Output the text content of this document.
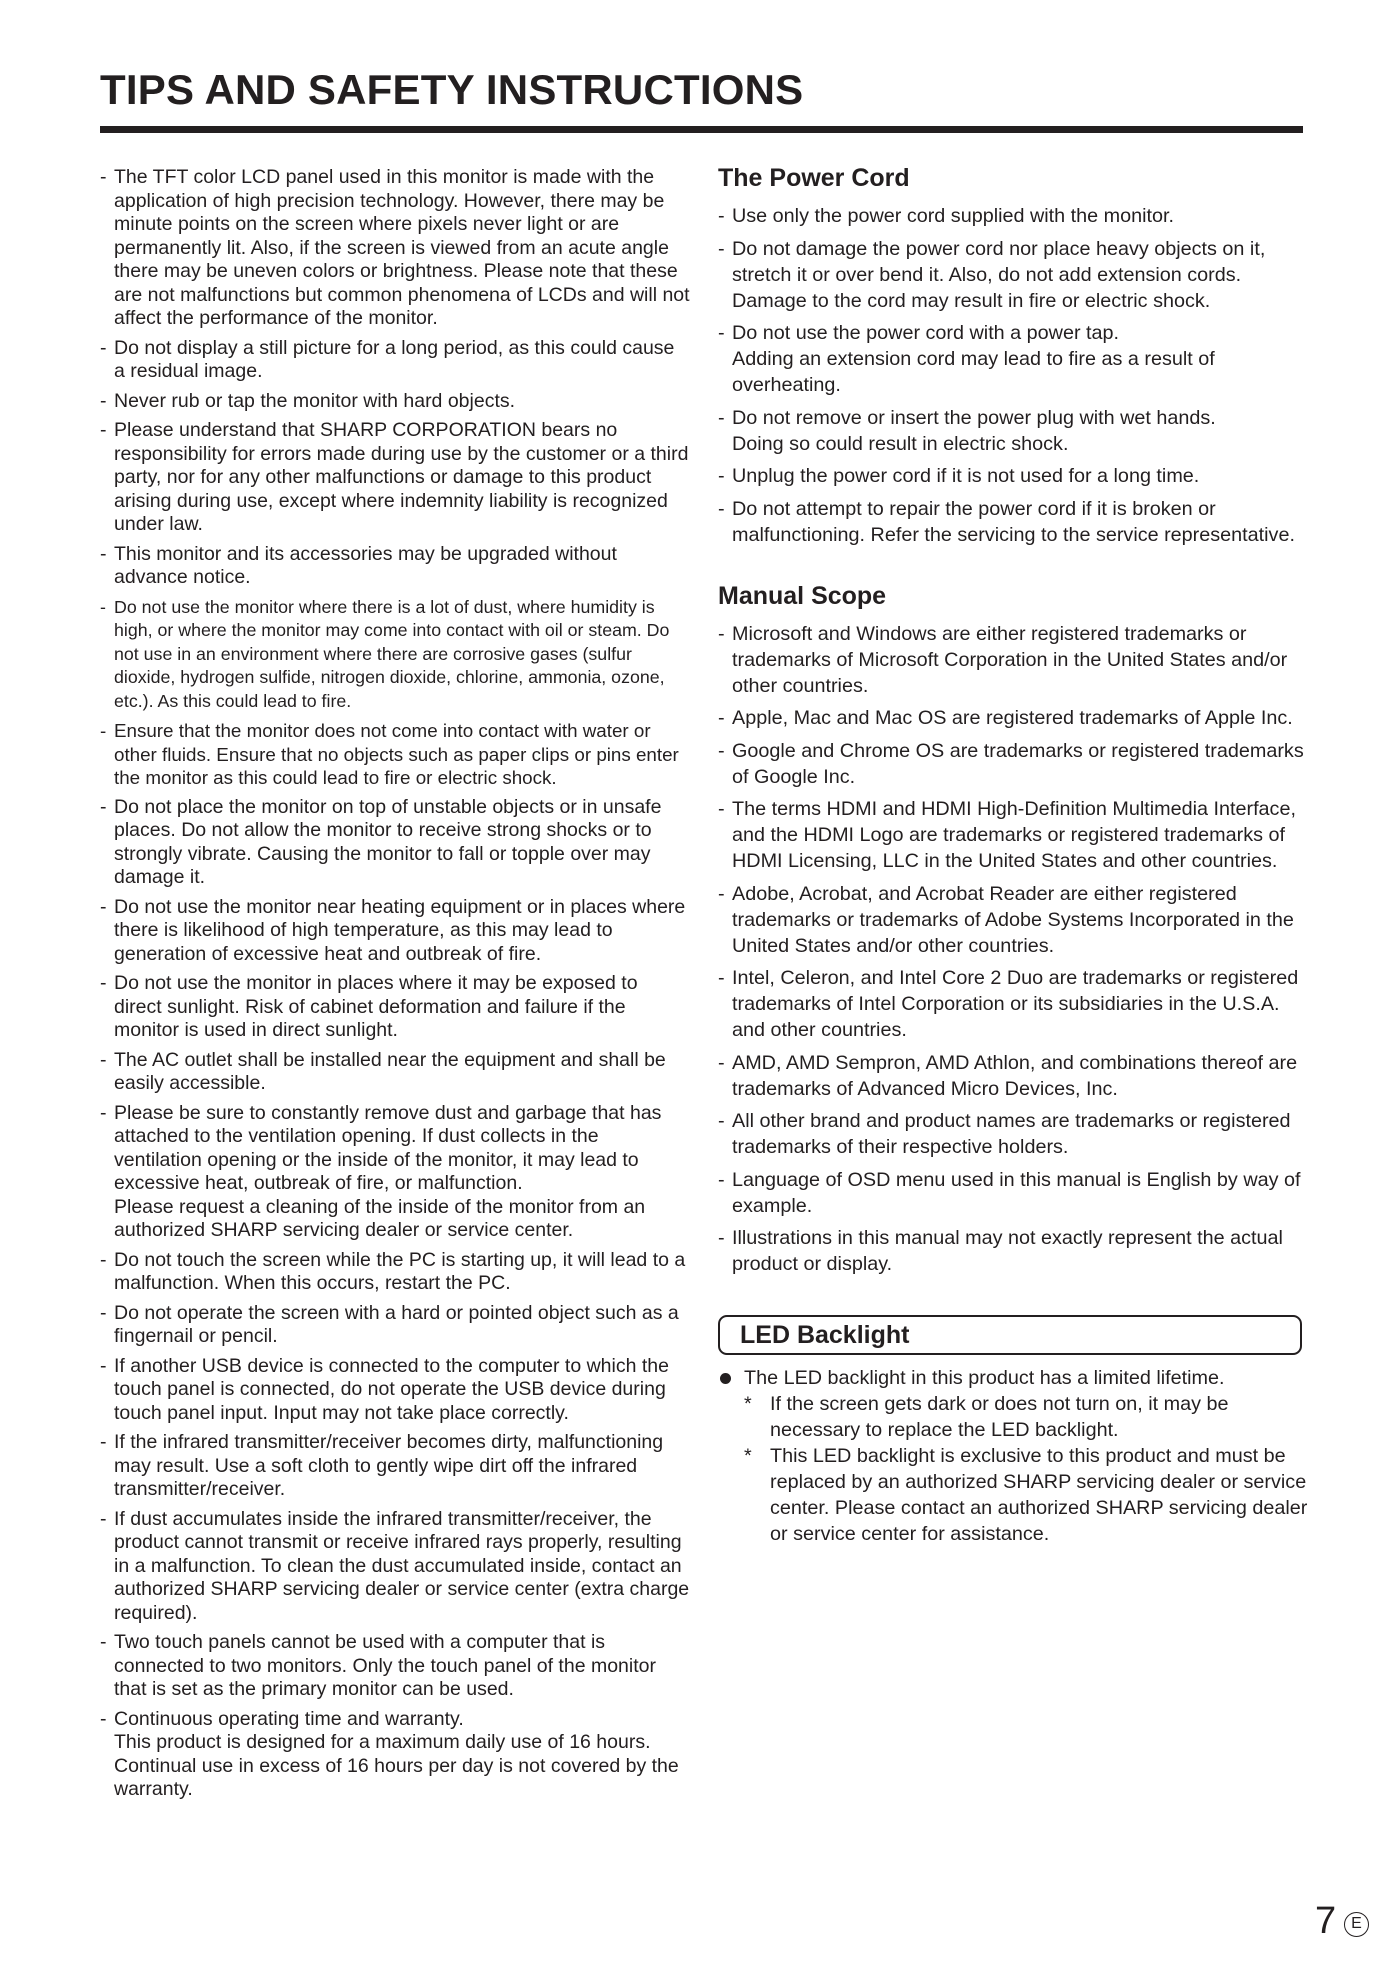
TIPS AND SAFETY INSTRUCTIONS
- The TFT color LCD panel used in this monitor is made with the application of high precision technology. However, there may be minute points on the screen where pixels never light or are permanently lit. Also, if the screen is viewed from an acute angle there may be uneven colors or brightness. Please note that these are not malfunctions but common phenomena of LCDs and will not affect the performance of the monitor.
- Do not display a still picture for a long period, as this could cause a residual image.
- Never rub or tap the monitor with hard objects.
- Please understand that SHARP CORPORATION bears no responsibility for errors made during use by the customer or a third party, nor for any other malfunctions or damage to this product arising during use, except where indemnity liability is recognized under law.
- This monitor and its accessories may be upgraded without advance notice.
- Do not use the monitor where there is a lot of dust, where humidity is high, or where the monitor may come into contact with oil or steam. Do not use in an environment where there are corrosive gases (sulfur dioxide, hydrogen sulfide, nitrogen dioxide, chlorine, ammonia, ozone, etc.). As this could lead to fire.
- Ensure that the monitor does not come into contact with water or other fluids. Ensure that no objects such as paper clips or pins enter the monitor as this could lead to fire or electric shock.
- Do not place the monitor on top of unstable objects or in unsafe places. Do not allow the monitor to receive strong shocks or to strongly vibrate. Causing the monitor to fall or topple over may damage it.
- Do not use the monitor near heating equipment or in places where there is likelihood of high temperature, as this may lead to generation of excessive heat and outbreak of fire.
- Do not use the monitor in places where it may be exposed to direct sunlight. Risk of cabinet deformation and failure if the monitor is used in direct sunlight.
- The AC outlet shall be installed near the equipment and shall be easily accessible.
- Please be sure to constantly remove dust and garbage that has attached to the ventilation opening. If dust collects in the ventilation opening or the inside of the monitor, it may lead to excessive heat, outbreak of fire, or malfunction.
Please request a cleaning of the inside of the monitor from an authorized SHARP servicing dealer or service center.
- Do not touch the screen while the PC is starting up, it will lead to a malfunction. When this occurs, restart the PC.
- Do not operate the screen with a hard or pointed object such as a fingernail or pencil.
- If another USB device is connected to the computer to which the touch panel is connected, do not operate the USB device during touch panel input. Input may not take place correctly.
- If the infrared transmitter/receiver becomes dirty, malfunctioning may result. Use a soft cloth to gently wipe dirt off the infrared transmitter/receiver.
- If dust accumulates inside the infrared transmitter/receiver, the product cannot transmit or receive infrared rays properly, resulting in a malfunction. To clean the dust accumulated inside, contact an authorized SHARP servicing dealer or service center (extra charge required).
- Two touch panels cannot be used with a computer that is connected to two monitors. Only the touch panel of the monitor that is set as the primary monitor can be used.
- Continuous operating time and warranty.
This product is designed for a maximum daily use of 16 hours. Continual use in excess of 16 hours per day is not covered by the warranty.
The Power Cord
- Use only the power cord supplied with the monitor.
- Do not damage the power cord nor place heavy objects on it, stretch it or over bend it. Also, do not add extension cords. Damage to the cord may result in fire or electric shock.
- Do not use the power cord with a power tap.
Adding an extension cord may lead to fire as a result of overheating.
- Do not remove or insert the power plug with wet hands.
Doing so could result in electric shock.
- Unplug the power cord if it is not used for a long time.
- Do not attempt to repair the power cord if it is broken or malfunctioning. Refer the servicing to the service representative.
Manual Scope
- Microsoft and Windows are either registered trademarks or trademarks of Microsoft Corporation in the United States and/or other countries.
- Apple, Mac and Mac OS are registered trademarks of Apple Inc.
- Google and Chrome OS are trademarks or registered trademarks of Google Inc.
- The terms HDMI and HDMI High-Definition Multimedia Interface, and the HDMI Logo are trademarks or registered trademarks of HDMI Licensing, LLC in the United States and other countries.
- Adobe, Acrobat, and Acrobat Reader are either registered trademarks or trademarks of Adobe Systems Incorporated in the United States and/or other countries.
- Intel, Celeron, and Intel Core 2 Duo are trademarks or registered trademarks of Intel Corporation or its subsidiaries in the U.S.A. and other countries.
- AMD, AMD Sempron, AMD Athlon, and combinations thereof are trademarks of Advanced Micro Devices, Inc.
- All other brand and product names are trademarks or registered trademarks of their respective holders.
- Language of OSD menu used in this manual is English by way of example.
- Illustrations in this manual may not exactly represent the actual product or display.
LED Backlight
The LED backlight in this product has a limited lifetime.
* If the screen gets dark or does not turn on, it may be necessary to replace the LED backlight.
* This LED backlight is exclusive to this product and must be replaced by an authorized SHARP servicing dealer or service center. Please contact an authorized SHARP servicing dealer or service center for assistance.
7 E
